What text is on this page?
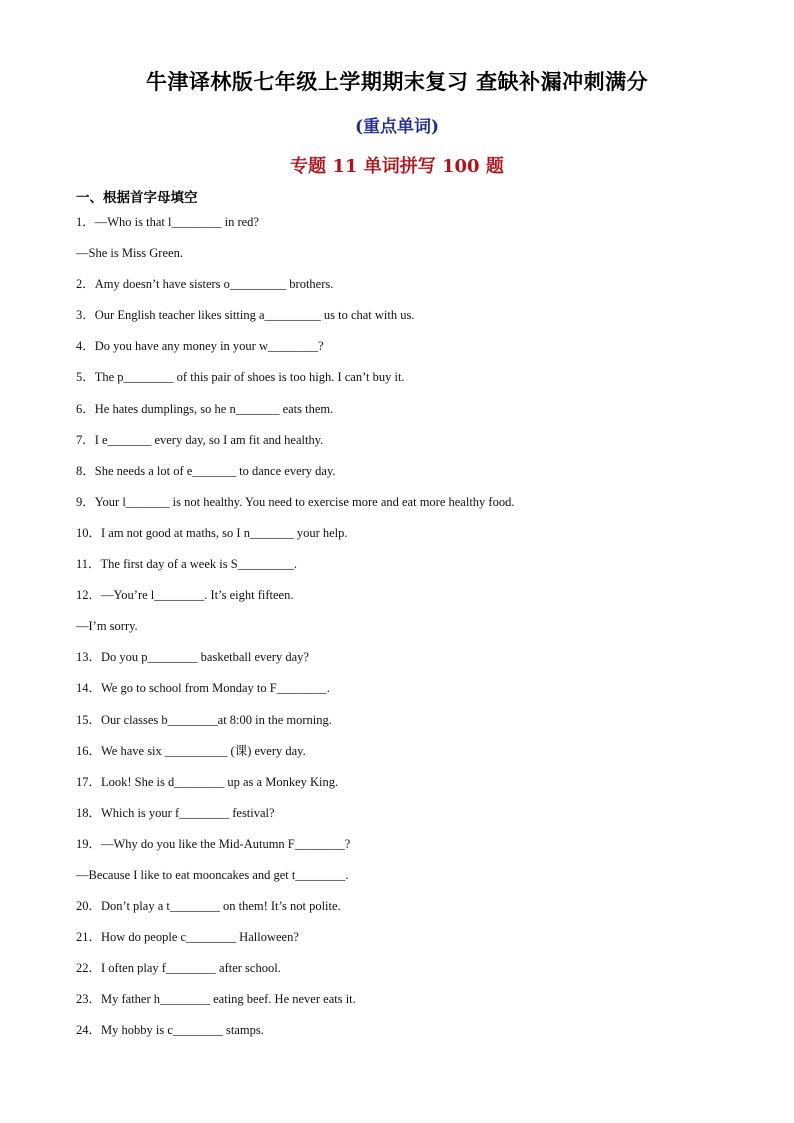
牛津译林版七年级上学期期末复习 查缺补漏冲刺满分
(重点单词)
专题 11 单词拼写 100 题
一、根据首字母填空
1．—Who is that l________ in red?
—She is Miss Green.
2．Amy doesn’t have sisters o_________ brothers.
3．Our English teacher likes sitting a_________ us to chat with us.
4．Do you have any money in your w________?
5．The p________ of this pair of shoes is too high. I can’t buy it.
6．He hates dumplings, so he n_______ eats them.
7．I e_______ every day, so I am fit and healthy.
8．She needs a lot of e_______ to dance every day.
9．Your l_______ is not healthy. You need to exercise more and eat more healthy food.
10．I am not good at maths, so I n_______ your help.
11．The first day of a week is S_________.
12．—You’re l________. It’s eight fifteen.
—I’m sorry.
13．Do you p________ basketball every day?
14．We go to school from Monday to F________.
15．Our classes b________at 8:00 in the morning.
16．We have six __________ (课) every day.
17．Look! She is d________ up as a Monkey King.
18．Which is your f________ festival?
19．—Why do you like the Mid-Autumn F________?
—Because I like to eat mooncakes and get t________.
20．Don’t play a t________ on them! It’s not polite.
21．How do people c________ Halloween?
22．I often play f________ after school.
23．My father h________ eating beef. He never eats it.
24．My hobby is c________ stamps.
